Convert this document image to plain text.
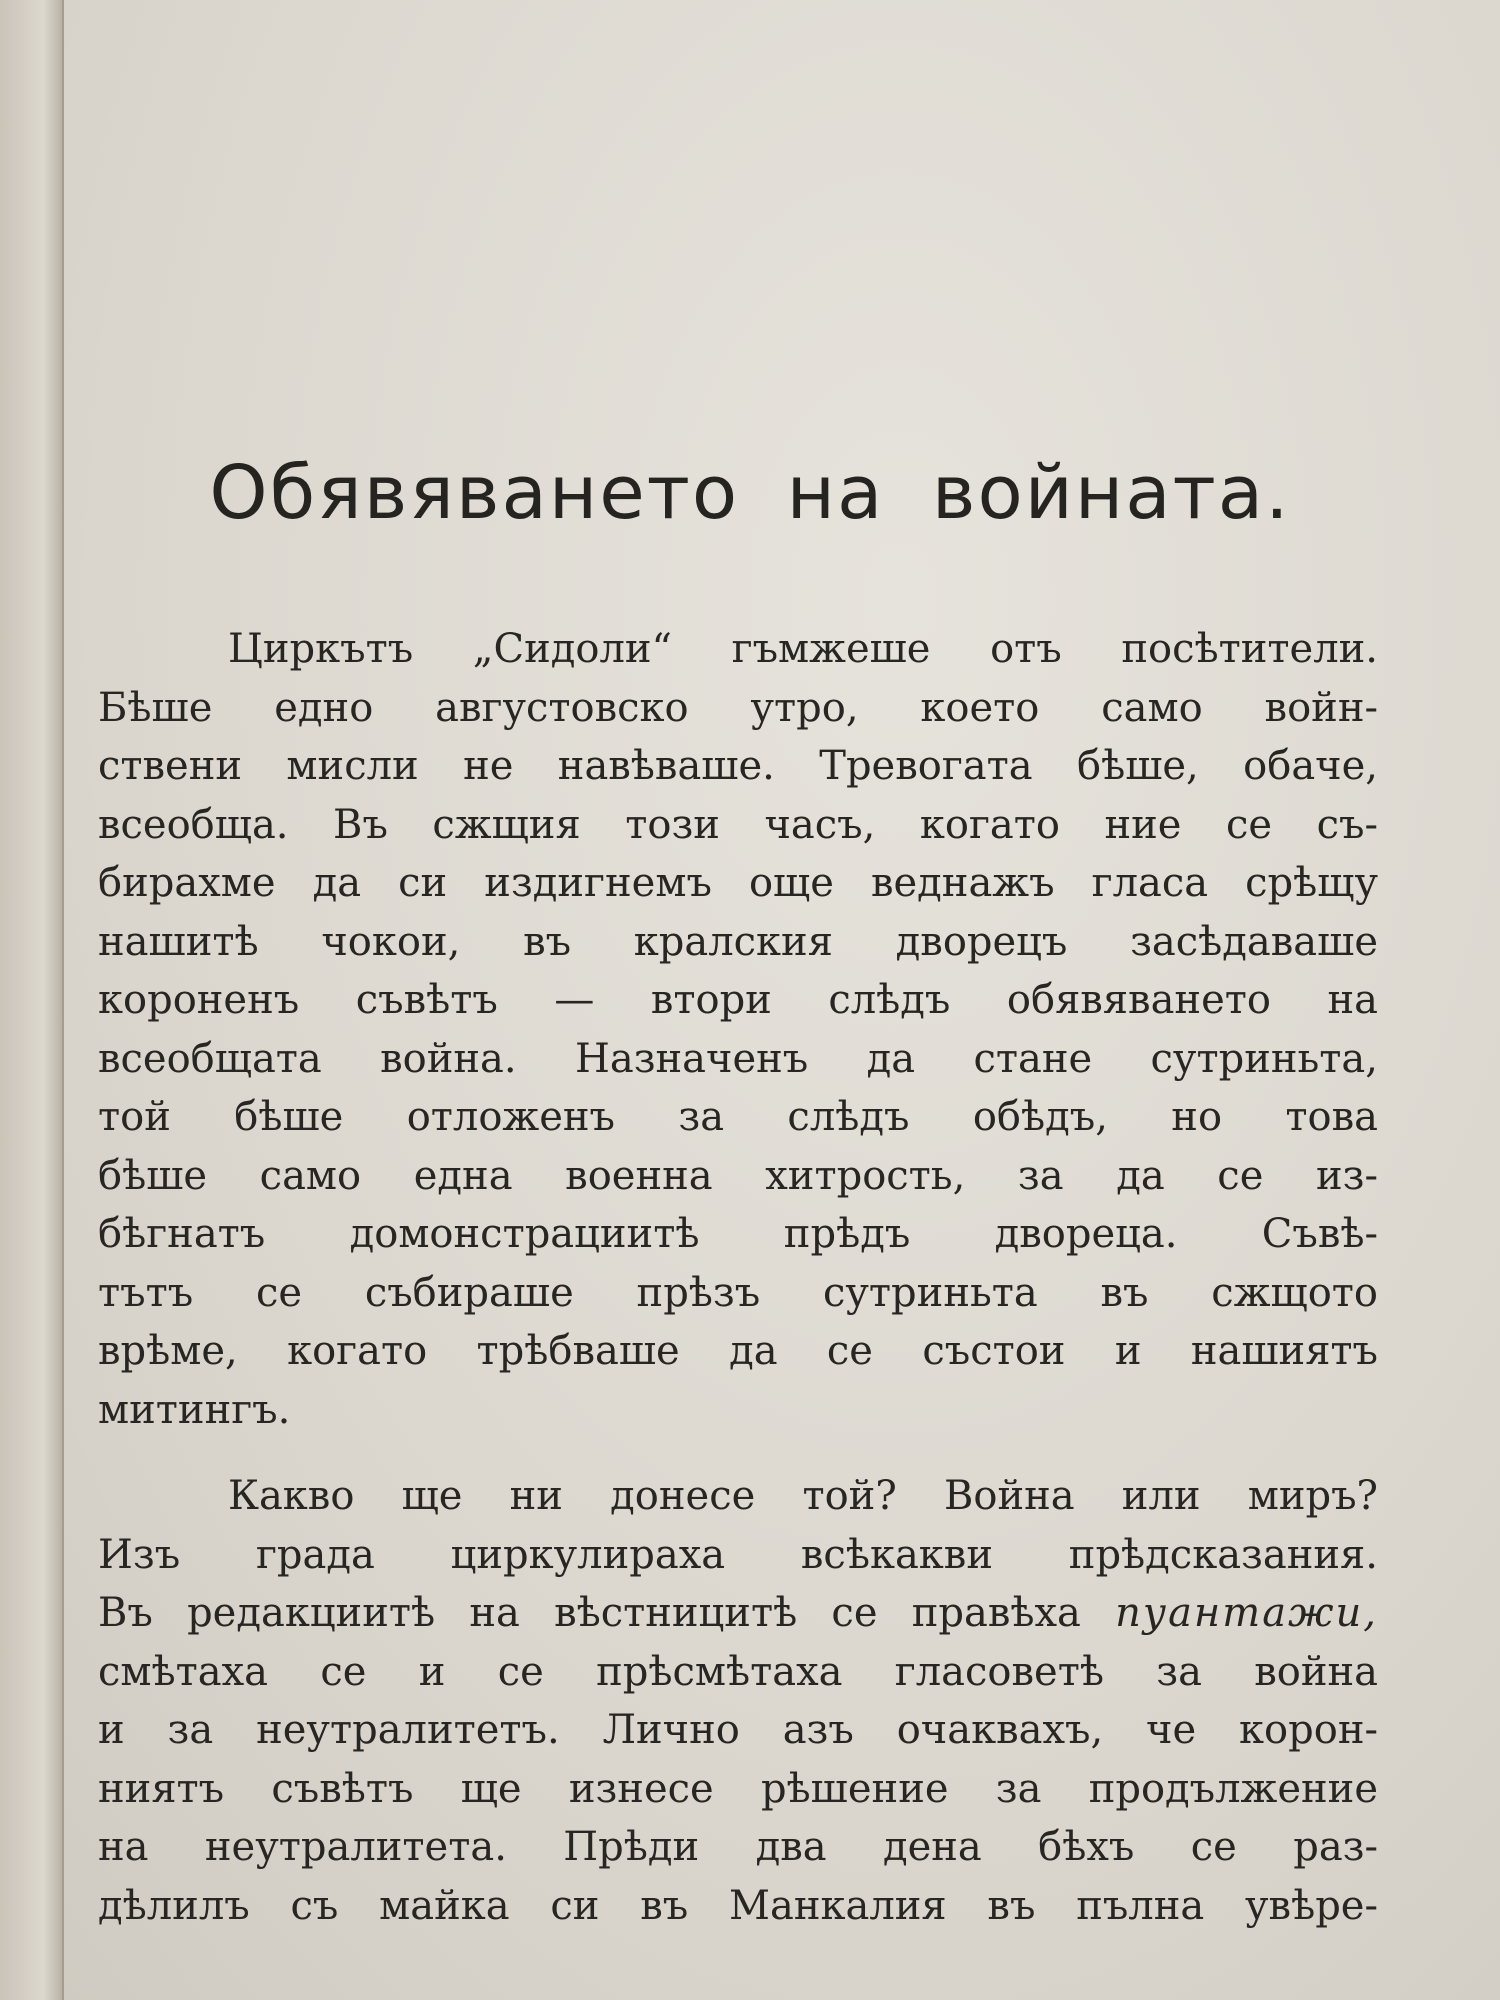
Обявяването на войната.
Циркътъ „Сидоли“ гъмжеше отъ посѣтители.
Бѣше едно августовско утро, което само войн-
ствени мисли не навѣваше. Тревогата бѣше, обаче,
всеобща. Въ сжщия този часъ, когато ние се съ-
бирахме да си издигнемъ още веднажъ гласа срѣщу
нашитѣ чокои, въ кралския дворецъ засѣдаваше
короненъ съвѣтъ — втори слѣдъ обявяването на
всеобщата война. Назначенъ да стане сутриньта,
той бѣше отложенъ за слѣдъ обѣдъ, но това
бѣше само една военна хитрость, за да се из-
бѣгнатъ домонстрациитѣ прѣдъ двореца. Съвѣ-
тътъ се събираше прѣзъ сутриньта въ сжщото
врѣме, когато трѣбваше да се състои и нашиятъ
митингъ.
Какво ще ни донесе той? Война или миръ?
Изъ града циркулираха всѣкакви прѣдсказания.
Въ редакциитѣ на вѣстницитѣ се правѣха пуантажи,
смѣтаха се и се прѣсмѣтаха гласоветѣ за война
и за неутралитетъ. Лично азъ очаквахъ, че корон-
ниятъ съвѣтъ ще изнесе рѣшение за продължение
на неутралитета. Прѣди два дена бѣхъ се раз-
дѣлилъ съ майка си въ Манкалия въ пълна увѣре-
